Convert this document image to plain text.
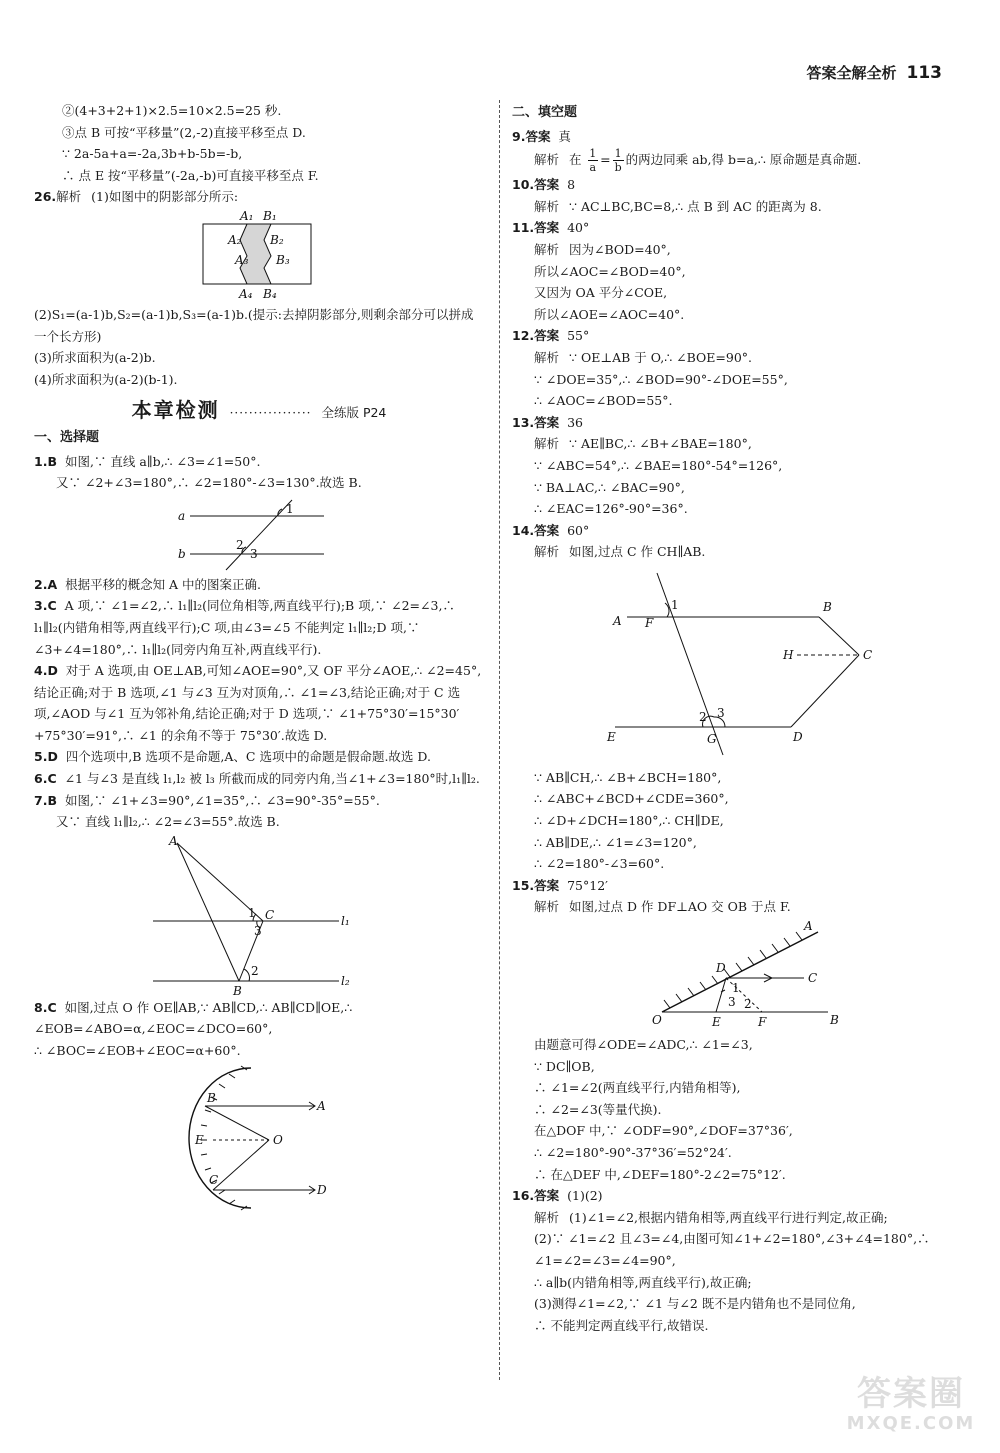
答案全解全析 113

②(4+3+2+1)×2.5=10×2.5=25 秒.

③点 B 可按“平移量”(2,-2)直接平移至点 D.

∵ 2a-5a+a=-2a,3b+b-5b=-b,

∴ 点 E 按“平移量”(-2a,-b)可直接平移至点 F.

26.解析 (1)如图中的阴影部分所示:

A₁ B₁
A₂ B₂
A₃ B₃
A₄ B₄

(2)S₁=(a-1)b,S₂=(a-1)b,S₃=(a-1)b.(提示:去掉阴影部分,则剩余部分可以拼成一个长方形)

(3)所求面积为(a-2)b.

(4)所求面积为(a-2)(b-1).

本章检测 ················· 全练版 P24

一、选择题

1.B 如图,∵ 直线 a∥b,∴ ∠3=∠1=50°.

又∵ ∠2+∠3=180°,∴ ∠2=180°-∠3=130°.故选 B.

a
b
1
2
3

2.A 根据平移的概念知 A 中的图案正确.

3.C A 项,∵ ∠1=∠2,∴ l₁∥l₂(同位角相等,两直线平行);B 项,∵ ∠2=∠3,∴ l₁∥l₂(内错角相等,两直线平行);C 项,由∠3=∠5 不能判定 l₁∥l₂;D 项,∵ ∠3+∠4=180°,∴ l₁∥l₂(同旁内角互补,两直线平行).

4.D 对于 A 选项,由 OE⊥AB,可知∠AOE=90°,又 OF 平分∠AOE,∴ ∠2=45°,结论正确;对于 B 选项,∠1 与∠3 互为对顶角,∴ ∠1=∠3,结论正确;对于 C 选项,∠AOD 与∠1 互为邻补角,结论正确;对于 D 选项,∵ ∠1+75°30′=15°30′+75°30′=91°,∴ ∠1 的余角不等于 75°30′.故选 D.

5.D 四个选项中,B 选项不是命题,A、C 选项中的命题是假命题.故选 D.

6.C ∠1 与∠3 是直线 l₁,l₂ 被 l₃ 所截而成的同旁内角,当∠1+∠3=180°时,l₁∥l₂.

7.B 如图,∵ ∠1+∠3=90°,∠1=35°,∴ ∠3=90°-35°=55°.

又∵ 直线 l₁∥l₂,∴ ∠2=∠3=55°.故选 B.

A
C
B
1
3
2
l₁
l₂

8.C 如图,过点 O 作 OE∥AB,∵ AB∥CD,∴ AB∥CD∥OE,∴ ∠EOB=∠ABO=α,∠EOC=∠DCO=60°,

∴ ∠BOC=∠EOB+∠EOC=α+60°.

B
A
E	O
C
D

二、填空题

9.答案 真

解析 在 1
a= 1
b的两边同乘 ab,得 b=a,∴ 原命题是真命题.

10.答案 8

解析 ∵ AC⊥BC,BC=8,∴ 点 B 到 AC 的距离为 8.

11.答案 40°

解析 因为∠BOD=40°,

所以∠AOC=∠BOD=40°,

又因为 OA 平分∠COE,

所以∠AOE=∠AOC=40°.

12.答案 55°

解析 ∵ OE⊥AB 于 O,∴ ∠BOE=90°.

∵ ∠DOE=35°,∴ ∠BOD=90°-∠DOE=55°,

∴ ∠AOC=∠BOD=55°.

13.答案 36

解析 ∵ AE∥BC,∴ ∠B+∠BAE=180°,

∵ ∠ABC=54°,∴ ∠BAE=180°-54°=126°,

∵ BA⊥AC,∴ ∠BAC=90°,

∴ ∠EAC=126°-90°=36°.

14.答案 60°

解析 如图,过点 C 作 CH∥AB.

A F
1	B
H	C
E
2 3
G	D

∵ AB∥CH,∴ ∠B+∠BCH=180°,

∴ ∠ABC+∠BCD+∠CDE=360°,

∴ ∠D+∠DCH=180°,∴ CH∥DE,

∴ AB∥DE,∴ ∠1=∠3=120°,

∴ ∠2=180°-∠3=60°.

15.答案 75°12′

解析 如图,过点 D 作 DF⊥AO 交 OB 于点 F.

A
D
C
1
3 2
O	E	F	B

由题意可得∠ODE=∠ADC,∴ ∠1=∠3,

∵ DC∥OB,

∴ ∠1=∠2(两直线平行,内错角相等),

∴ ∠2=∠3(等量代换).

在△DOF 中,∵ ∠ODF=90°,∠DOF=37°36′,

∴ ∠2=180°-90°-37°36′=52°24′.

∴ 在△DEF 中,∠DEF=180°-2∠2=75°12′.

16.答案 (1)(2)

解析 (1)∠1=∠2,根据内错角相等,两直线平行进行判定,故正确;

(2)∵ ∠1=∠2 且∠3=∠4,由图可知∠1+∠2=180°,∠3+∠4=180°,∴ ∠1=∠2=∠3=∠4=90°,

∴ a∥b(内错角相等,两直线平行),故正确;

(3)测得∠1=∠2,∵ ∠1 与∠2 既不是内错角也不是同位角,

∴ 不能判定两直线平行,故错误.

答案圈
MXQE.COM
